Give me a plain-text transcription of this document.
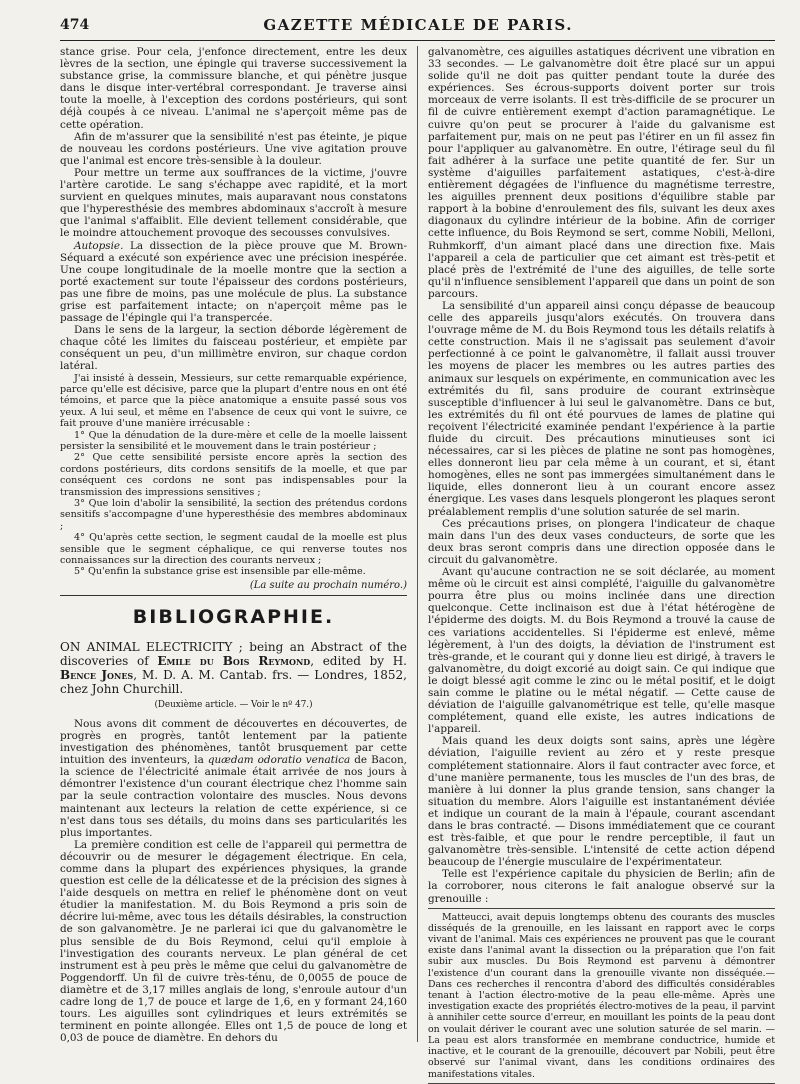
474	GAZETTE MÉDICALE DE PARIS.

stance grise. Pour cela, j'enfonce directement, entre les deux lèvres de la section, une épingle qui traverse successivement la substance grise, la commissure blanche, et qui pénètre jusque dans le disque inter-vertébral correspondant. Je traverse ainsi toute la moelle, à l'exception des cordons postérieurs, qui sont déjà coupés à ce niveau. L'animal ne s'aperçoit même pas de cette opération.

Afin de m'assurer que la sensibilité n'est pas éteinte, je pique de nouveau les cordons postérieurs. Une vive agitation prouve que l'animal est encore très-sensible à la douleur.

Pour mettre un terme aux souffrances de la victime, j'ouvre l'artère carotide. Le sang s'échappe avec rapidité, et la mort survient en quelques minutes, mais auparavant nous constatons que l'hyperesthésie des membres abdominaux s'accroît à mesure que l'animal s'affaiblit. Elle devient tellement considérable, que le moindre attouchement provoque des secousses convulsives.

Autopsie. La dissection de la pièce prouve que M. Brown-Séquard a exécuté son expérience avec une précision inespérée. Une coupe longitudinale de la moelle montre que la section a porté exactement sur toute l'épaisseur des cordons postérieurs, pas une fibre de moins, pas une molécule de plus. La substance grise est parfaitement intacte; on n'aperçoit même pas le passage de l'épingle qui l'a transpercée.

Dans le sens de la largeur, la section déborde légèrement de chaque côté les limites du faisceau postérieur, et empiète par conséquent un peu, d'un millimètre environ, sur chaque cordon latéral.

J'ai insisté à dessein, Messieurs, sur cette remarquable expérience, parce qu'elle est décisive, parce que la plupart d'entre nous en ont été témoins, et parce que la pièce anatomique a ensuite passé sous vos yeux. A lui seul, et même en l'absence de ceux qui vont le suivre, ce fait prouve d'une manière irrécusable :

1° Que la dénudation de la dure-mère et celle de la moelle laissent persister la sensibilité et le mouvement dans le train postérieur ;

2° Que cette sensibilité persiste encore après la section des cordons postérieurs, dits cordons sensitifs de la moelle, et que par conséquent ces cordons ne sont pas indispensables pour la transmission des impressions sensitives ;

3° Que loin d'abolir la sensibilité, la section des prétendus cordons sensitifs s'accompagne d'une hyperesthésie des membres abdominaux ;

4° Qu'après cette section, le segment caudal de la moelle est plus sensible que le segment céphalique, ce qui renverse toutes nos connaissances sur la direction des courants nerveux ;

5° Qu'enfin la substance grise est insensible par elle-même.

(La suite au prochain numéro.)
BIBLIOGRAPHIE.

ON ANIMAL ELECTRICITY ; being an Abstract of the discoveries of Emile du Bois Reymond, edited by H. Bence Jones, M. D. A. M. Cantab. frs. — Londres, 1852, chez John Churchill.

(Deuxième article. — Voir le nº 47.)

Nous avons dit comment de découvertes en découvertes, de progrès en progrès, tantôt lentement par la patiente investigation des phénomènes, tantôt brusquement par cette intuition des inventeurs, la quædam odoratio venatica de Bacon, la science de l'électricité animale était arrivée de nos jours à démontrer l'existence d'un courant électrique chez l'homme sain par la seule contraction volontaire des muscles. Nous devons maintenant aux lecteurs la relation de cette expérience, si ce n'est dans tous ses détails, du moins dans ses particularités les plus importantes.

La première condition est celle de l'appareil qui permettra de découvrir ou de mesurer le dégagement électrique. En cela, comme dans la plupart des expériences physiques, la grande question est celle de la délicatesse et de la précision des signes à l'aide desquels on mettra en relief le phénomène dont on veut étudier la manifestation. M. du Bois Reymond a pris soin de décrire lui-même, avec tous les détails désirables, la construction de son galvanomètre. Je ne parlerai ici que du galvanomètre le plus sensible de du Bois Reymond, celui qu'il emploie à l'investigation des courants nerveux. Le plan général de cet instrument est à peu près le même que celui du galvanomètre de Poggendorff. Un fil de cuivre très-ténu, de 0,0055 de pouce de diamètre et de 3,17 milles anglais de long, s'enroule autour d'un cadre long de 1,7 de pouce et large de 1,6, en y formant 24,160 tours. Les aiguilles sont cylindriques et leurs extrémités se terminent en pointe allongée. Elles ont 1,5 de pouce de long et 0,03 de pouce de diamètre. En dehors du

galvanomètre, ces aiguilles astatiques décrivent une vibration en 33 secondes. — Le galvanomètre doit être placé sur un appui solide qu'il ne doit pas quitter pendant toute la durée des expériences. Ses écrous-supports doivent porter sur trois morceaux de verre isolants. Il est très-difficile de se procurer un fil de cuivre entièrement exempt d'action paramagnétique. Le cuivre qu'on peut se procurer à l'aide du galvanisme est parfaitement pur, mais on ne peut pas l'étirer en un fil assez fin pour l'appliquer au galvanomètre. En outre, l'étirage seul du fil fait adhérer à la surface une petite quantité de fer. Sur un système d'aiguilles parfaitement astatiques, c'est-à-dire entièrement dégagées de l'influence du magnétisme terrestre, les aiguilles prennent deux positions d'équilibre stable par rapport à la bobine d'enroulement des fils, suivant les deux axes diagonaux du cylindre intérieur de la bobine. Afin de corriger cette influence, du Bois Reymond se sert, comme Nobili, Melloni, Ruhmkorff, d'un aimant placé dans une direction fixe. Mais l'appareil a cela de particulier que cet aimant est très-petit et placé près de l'extrémité de l'une des aiguilles, de telle sorte qu'il n'influence sensiblement l'appareil que dans un point de son parcours.

La sensibilité d'un appareil ainsi conçu dépasse de beaucoup celle des appareils jusqu'alors exécutés. On trouvera dans l'ouvrage même de M. du Bois Reymond tous les détails relatifs à cette construction. Mais il ne s'agissait pas seulement d'avoir perfectionné à ce point le galvanomètre, il fallait aussi trouver les moyens de placer les membres ou les autres parties des animaux sur lesquels on expérimente, en communication avec les extrémités du fil, sans produire de courant extrinsèque susceptible d'influencer à lui seul le galvanomètre. Dans ce but, les extrémités du fil ont été pourvues de lames de platine qui reçoivent l'électricité examinée pendant l'expérience à la partie fluide du circuit. Des précautions minutieuses sont ici nécessaires, car si les pièces de platine ne sont pas homogènes, elles donneront lieu par cela même à un courant, et si, étant homogènes, elles ne sont pas immergées simultanément dans le liquide, elles donneront lieu à un courant encore assez énergique. Les vases dans lesquels plongeront les plaques seront préalablement remplis d'une solution saturée de sel marin.

Ces précautions prises, on plongera l'indicateur de chaque main dans l'un des deux vases conducteurs, de sorte que les deux bras seront compris dans une direction opposée dans le circuit du galvanomètre.

Avant qu'aucune contraction ne se soit déclarée, au moment même où le circuit est ainsi complété, l'aiguille du galvanomètre pourra être plus ou moins inclinée dans une direction quelconque. Cette inclinaison est due à l'état hétérogène de l'épiderme des doigts. M. du Bois Reymond a trouvé la cause de ces variations accidentelles. Si l'épiderme est enlevé, même légèrement, à l'un des doigts, la déviation de l'instrument est très-grande, et le courant qui y donne lieu est dirigé, à travers le galvanomètre, du doigt excorié au doigt sain. Ce qui indique que le doigt blessé agit comme le zinc ou le métal positif, et le doigt sain comme le platine ou le métal négatif. — Cette cause de déviation de l'aiguille galvanométrique est telle, qu'elle masque complétement, quand elle existe, les autres indications de l'appareil.

Mais quand les deux doigts sont sains, après une légère déviation, l'aiguille revient au zéro et y reste presque complétement stationnaire. Alors il faut contracter avec force, et d'une manière permanente, tous les muscles de l'un des bras, de manière à lui donner la plus grande tension, sans changer la situation du membre. Alors l'aiguille est instantanément déviée et indique un courant de la main à l'épaule, courant ascendant dans le bras contracté. — Disons immédiatement que ce courant est très-faible, et que pour le rendre perceptible, il faut un galvanomètre très-sensible. L'intensité de cette action dépend beaucoup de l'énergie musculaire de l'expérimentateur.

Telle est l'expérience capitale du physicien de Berlin; afin de la corroborer, nous citerons le fait analogue observé sur la grenouille :

Matteucci, avait depuis longtemps obtenu des courants des muscles disséqués de la grenouille, en les laissant en rapport avec le corps vivant de l'animal. Mais ces expériences ne prouvent pas que le courant existe dans l'animal avant la dissection ou la préparation que l'on fait subir aux muscles. Du Bois Reymond est parvenu à démontrer l'existence d'un courant dans la grenouille vivante non disséquée.— Dans ces recherches il rencontra d'abord des difficultés considérables tenant à l'action électro-motive de la peau elle-même. Après une investigation exacte des propriétés électro-motives de la peau, il parvint à annihiler cette source d'erreur, en mouillant les points de la peau dont on voulait dériver le courant avec une solution saturée de sel marin. — La peau est alors transformée en membrane conductrice, humide et inactive, et le courant de la grenouille, découvert par Nobili, peut être observé sur l'animal vivant, dans les conditions ordinaires des manifestations vitales.
